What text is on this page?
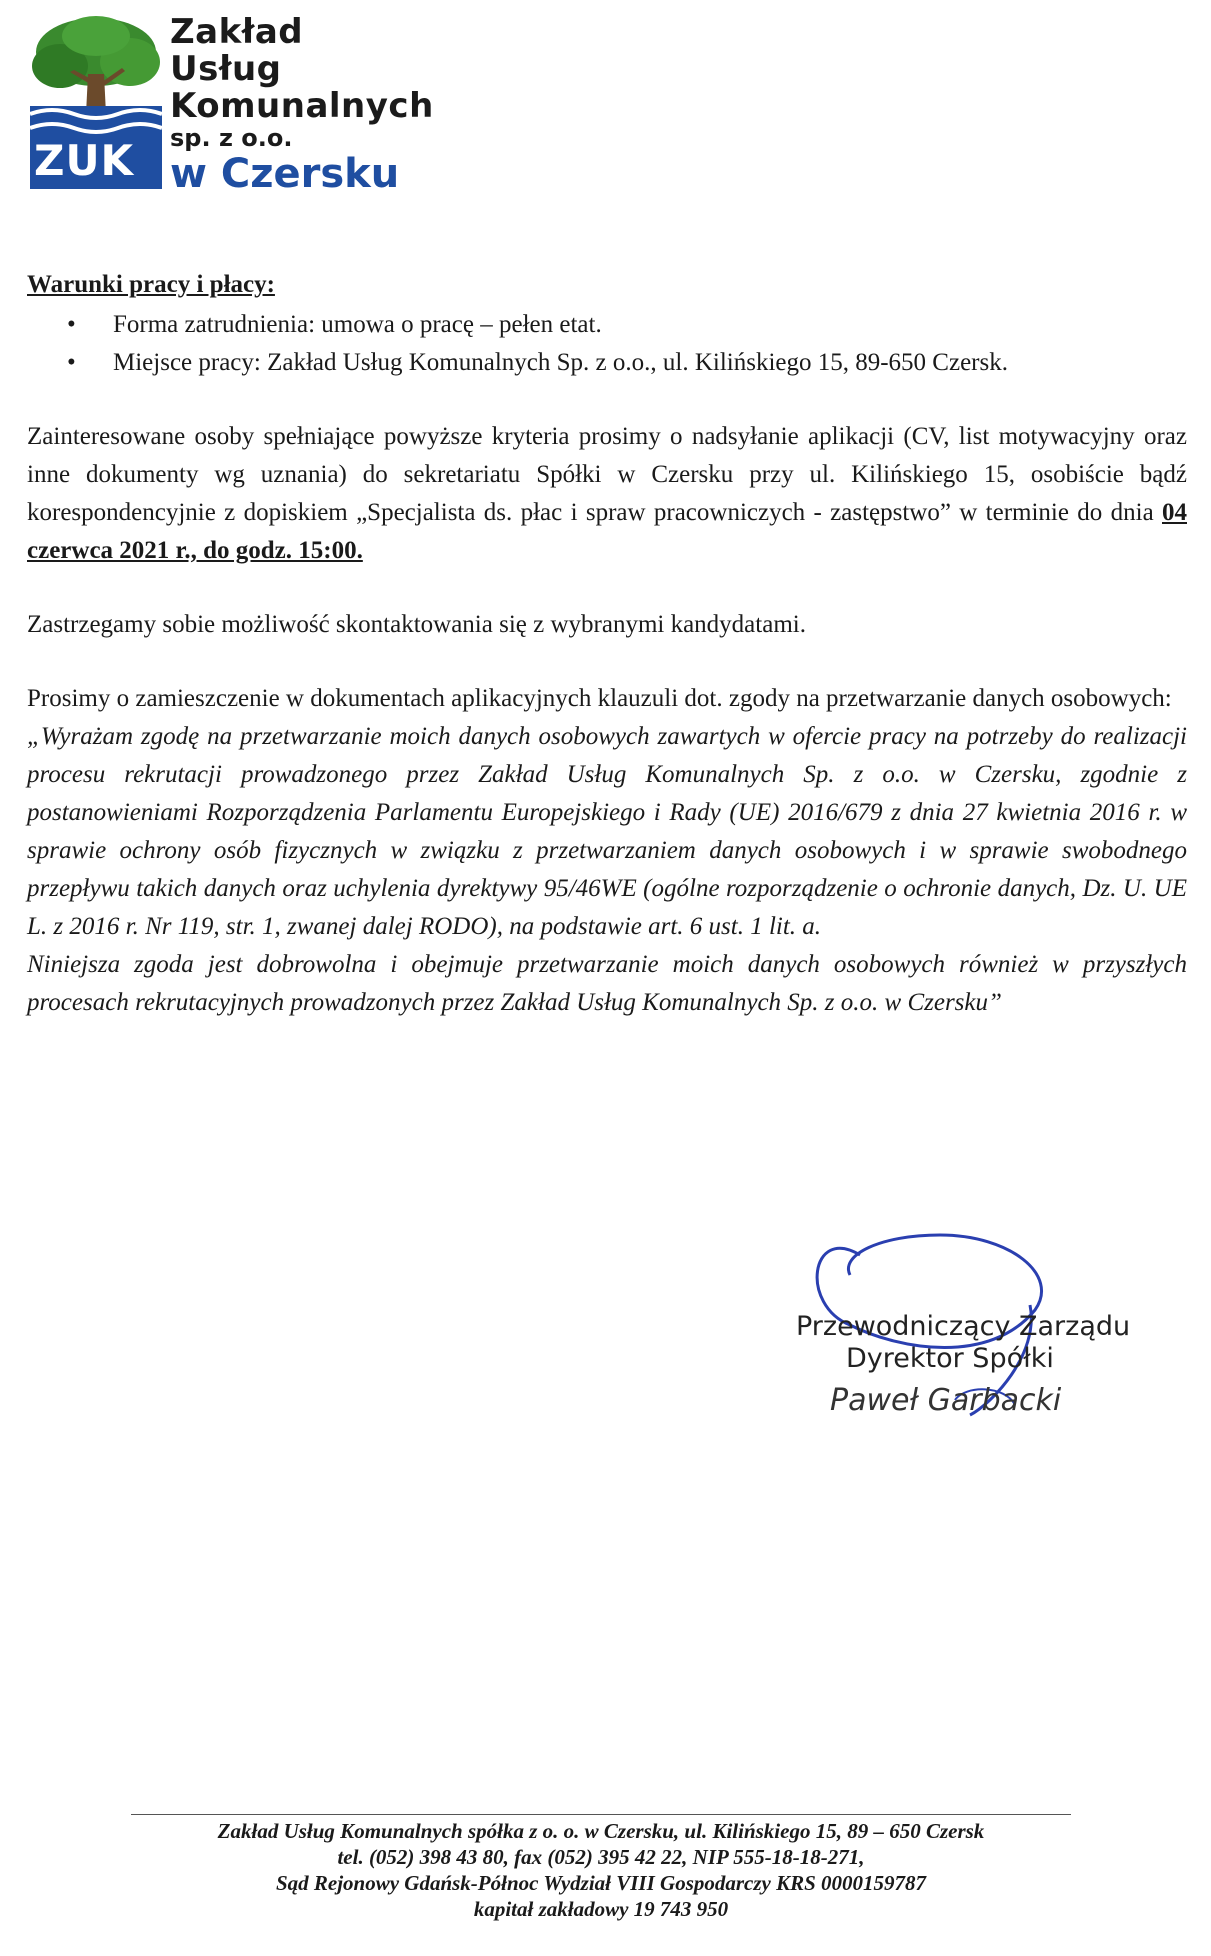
ZUK
Zakład
Usług
Komunalnych
sp. z o.o.
w Czersku

Warunki pracy i płacy:

• Forma zatrudnienia: umowa o pracę – pełen etat.
• Miejsce pracy: Zakład Usług Komunalnych Sp. z o.o., ul. Kilińskiego 15, 89-650 Czersk.

Zainteresowane osoby spełniające powyższe kryteria prosimy o nadsyłanie aplikacji (CV, list motywacyjny oraz inne dokumenty wg uznania) do sekretariatu Spółki w Czersku przy ul. Kilińskiego 15, osobiście bądź korespondencyjnie z dopiskiem „Specjalista ds. płac i spraw pracowniczych - zastępstwo” w terminie do dnia 04 czerwca 2021 r., do godz. 15:00.

Zastrzegamy sobie możliwość skontaktowania się z wybranymi kandydatami.

Prosimy o zamieszczenie w dokumentach aplikacyjnych klauzuli dot. zgody na przetwarzanie danych osobowych:

„Wyrażam zgodę na przetwarzanie moich danych osobowych zawartych w ofercie pracy na potrzeby do realizacji procesu rekrutacji prowadzonego przez Zakład Usług Komunalnych Sp. z o.o. w Czersku, zgodnie z postanowieniami Rozporządzenia Parlamentu Europejskiego i Rady (UE) 2016/679 z dnia 27 kwietnia 2016 r. w sprawie ochrony osób fizycznych w związku z przetwarzaniem danych osobowych i w sprawie swobodnego przepływu takich danych oraz uchylenia dyrektywy 95/46WE (ogólne rozporządzenie o ochronie danych, Dz. U. UE L. z 2016 r. Nr 119, str. 1, zwanej dalej RODO), na podstawie art. 6 ust. 1 lit. a.

Niniejsza zgoda jest dobrowolna i obejmuje przetwarzanie moich danych osobowych również w przyszłych procesach rekrutacyjnych prowadzonych przez Zakład Usług Komunalnych Sp. z o.o. w Czersku”

Przewodniczący Zarządu
Dyrektor Spółki
Paweł Garbacki
Zakład Usług Komunalnych spółka z o. o. w Czersku, ul. Kilińskiego 15, 89 – 650 Czersk
tel. (052) 398 43 80, fax (052) 395 42 22, NIP 555-18-18-271,
Sąd Rejonowy Gdańsk-Północ Wydział VIII Gospodarczy KRS 0000159787
kapitał zakładowy 19 743 950
